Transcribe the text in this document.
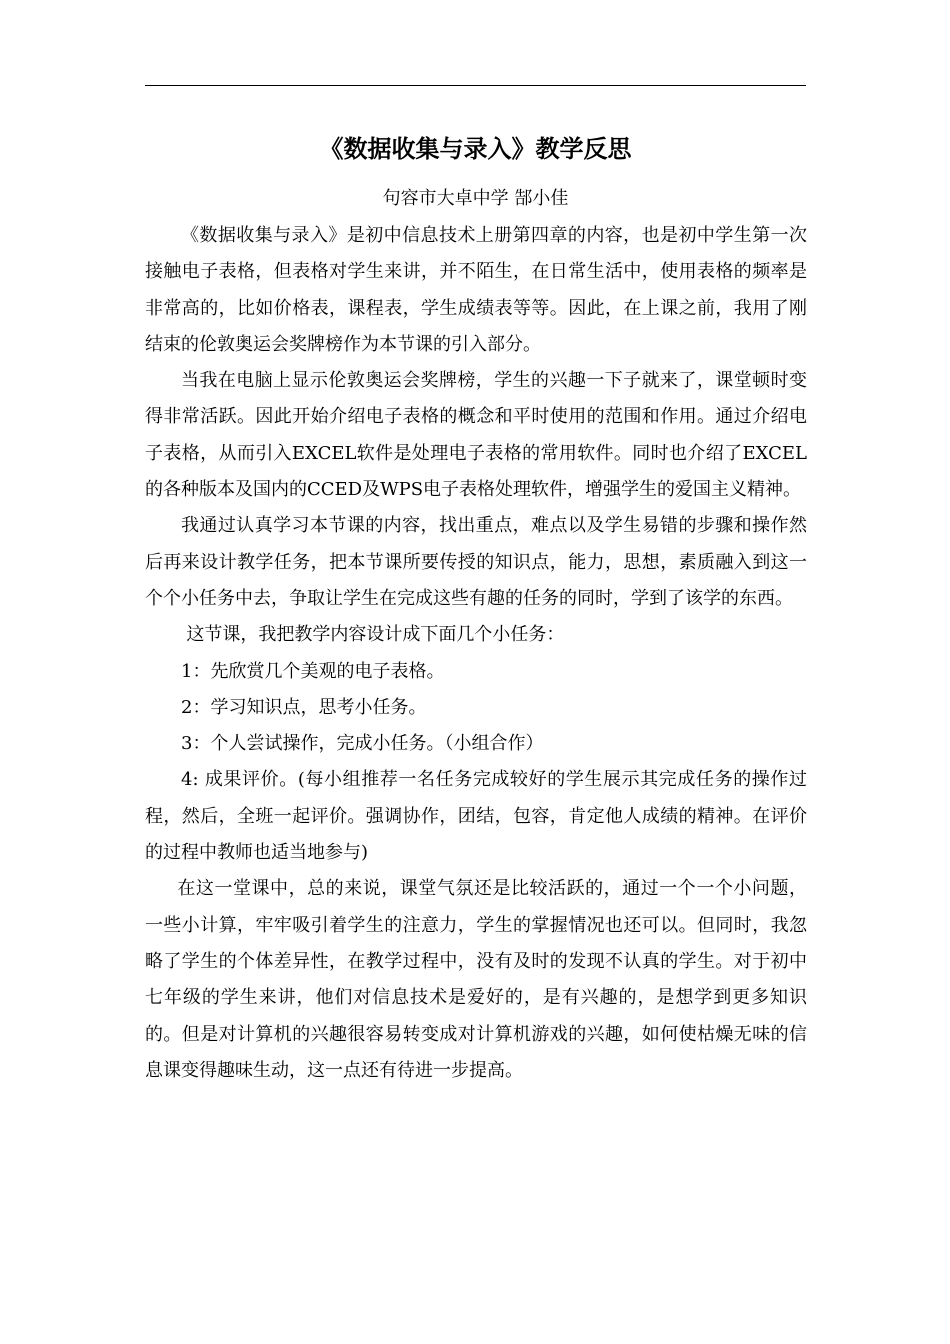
《数据收集与录入》教学反思

句容市大卓中学 郜小佳

《数据收集与录入》是初中信息技术上册第四章的内容，也是初中学生第一次接触电子表格，但表格对学生来讲，并不陌生，在日常生活中，使用表格的频率是非常高的，比如价格表，课程表，学生成绩表等等。因此，在上课之前，我用了刚结束的伦敦奥运会奖牌榜作为本节课的引入部分。

当我在电脑上显示伦敦奥运会奖牌榜，学生的兴趣一下子就来了，课堂顿时变得非常活跃。因此开始介绍电子表格的概念和平时使用的范围和作用。通过介绍电子表格，从而引入EXCEL软件是处理电子表格的常用软件。同时也介绍了EXCEL的各种版本及国内的CCED及WPS电子表格处理软件，增强学生的爱国主义精神。

我通过认真学习本节课的内容，找出重点，难点以及学生易错的步骤和操作然后再来设计教学任务，把本节课所要传授的知识点，能力，思想，素质融入到这一个个小任务中去，争取让学生在完成这些有趣的任务的同时，学到了该学的东西。

这节课，我把教学内容设计成下面几个小任务：

1：先欣赏几个美观的电子表格。

2：学习知识点，思考小任务。

3：个人尝试操作，完成小任务。（小组合作）

4: 成果评价。(每小组推荐一名任务完成较好的学生展示其完成任务的操作过程，然后，全班一起评价。强调协作，团结，包容，肯定他人成绩的精神。在评价的过程中教师也适当地参与)

在这一堂课中，总的来说，课堂气氛还是比较活跃的，通过一个一个小问题，一些小计算，牢牢吸引着学生的注意力，学生的掌握情况也还可以。但同时，我忽略了学生的个体差异性，在教学过程中，没有及时的发现不认真的学生。对于初中七年级的学生来讲，他们对信息技术是爱好的，是有兴趣的，是想学到更多知识的。但是对计算机的兴趣很容易转变成对计算机游戏的兴趣，如何使枯燥无味的信息课变得趣味生动，这一点还有待进一步提高。
